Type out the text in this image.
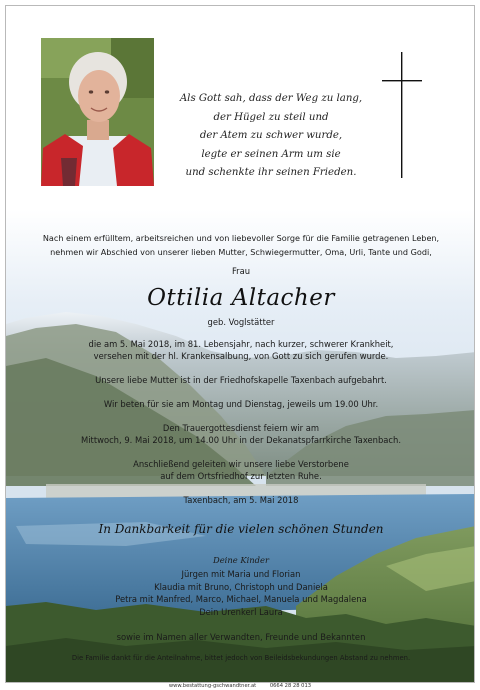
Als Gott sah, dass der Weg zu lang,
der Hügel zu steil und
der Atem zu schwer wurde,
legte er seinen Arm um sie
und schenkte ihr seinen Frieden.
Nach einem erfülltem, arbeitsreichen und von liebevoller Sorge für die Familie getragenen Leben,
nehmen wir Abschied von unserer lieben Mutter, Schwiegermutter, Oma, Urli, Tante und Godi,
Frau
Ottilia Altacher
geb. Voglstätter
die am 5. Mai 2018, im 81. Lebensjahr, nach kurzer, schwerer Krankheit,
versehen mit der hl. Krankensalbung, von Gott zu sich gerufen wurde.
Unsere liebe Mutter ist in der Friedhofskapelle Taxenbach aufgebahrt.
Wir beten für sie am Montag und Dienstag, jeweils um 19.00 Uhr.
Den Trauergottesdienst feiern wir am
Mittwoch, 9. Mai 2018, um 14.00 Uhr in der Dekanatspfarrkirche Taxenbach.
Anschließend geleiten wir unsere liebe Verstorbene
auf dem Ortsfriedhof zur letzten Ruhe.
Taxenbach, am 5. Mai 2018
In Dankbarkeit für die vielen schönen Stunden
Deine Kinder
Jürgen mit Maria und Florian
Klaudia mit Bruno, Christoph und Daniela
Petra mit Manfred, Marco, Michael, Manuela und Magdalena
Dein Urenkerl Laura
sowie im Namen aller Verwandten, Freunde und Bekannten
Die Familie dankt für die Anteilnahme, bittet jedoch von Beileidsbekundungen Abstand zu nehmen.
www.bestattung-gschwandtner.at	0664 28 28 013
